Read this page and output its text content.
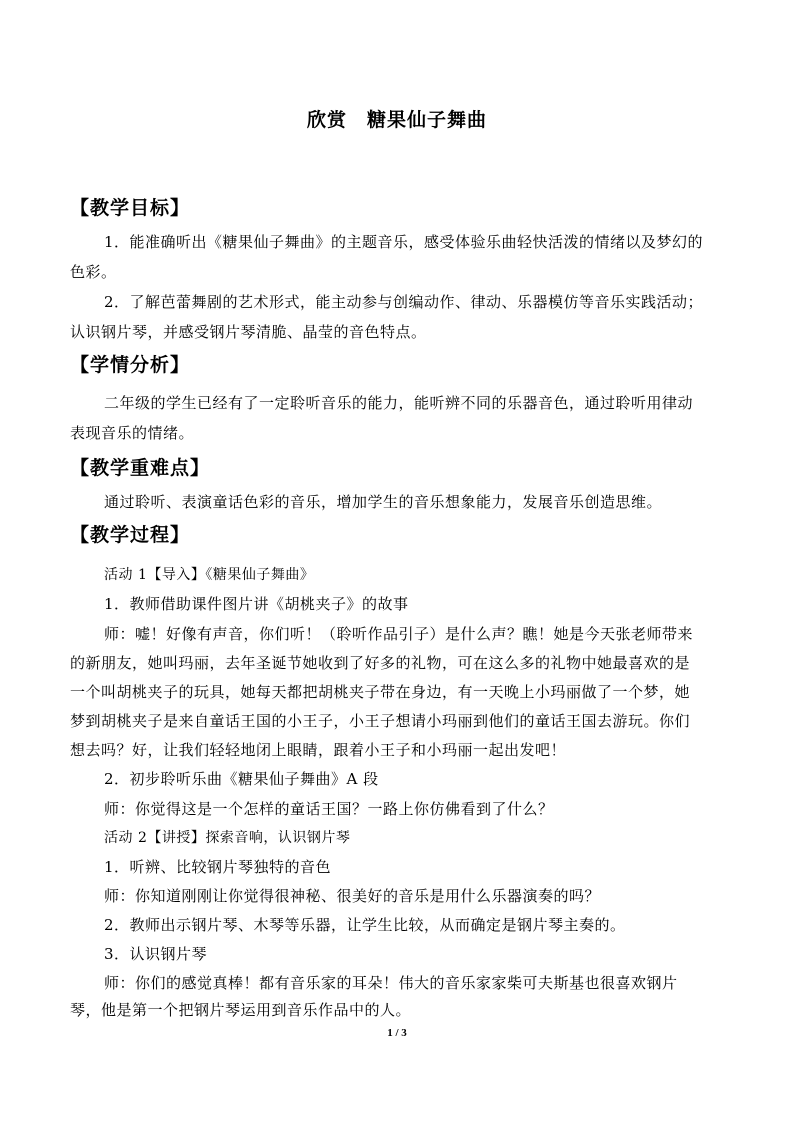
欣赏　糖果仙子舞曲
【教学目标】
1．能准确听出《糖果仙子舞曲》的主题音乐，感受体验乐曲轻快活泼的情绪以及梦幻的
色彩。
2．了解芭蕾舞剧的艺术形式，能主动参与创编动作、律动、乐器模仿等音乐实践活动；
认识钢片琴，并感受钢片琴清脆、晶莹的音色特点。
【学情分析】
二年级的学生已经有了一定聆听音乐的能力，能听辨不同的乐器音色，通过聆听用律动
表现音乐的情绪。
【教学重难点】
通过聆听、表演童话色彩的音乐，增加学生的音乐想象能力，发展音乐创造思维。
【教学过程】
活动 1【导入】《糖果仙子舞曲》
1．教师借助课件图片讲《胡桃夹子》的故事
师：嘘！好像有声音，你们听！（聆听作品引子）是什么声？瞧！她是今天张老师带来
的新朋友，她叫玛丽，去年圣诞节她收到了好多的礼物，可在这么多的礼物中她最喜欢的是
一个叫胡桃夹子的玩具，她每天都把胡桃夹子带在身边，有一天晚上小玛丽做了一个梦，她
梦到胡桃夹子是来自童话王国的小王子，小王子想请小玛丽到他们的童话王国去游玩。你们
想去吗？好，让我们轻轻地闭上眼睛，跟着小王子和小玛丽一起出发吧！
2．初步聆听乐曲《糖果仙子舞曲》A 段
师：你觉得这是一个怎样的童话王国？一路上你仿佛看到了什么？
活动 2【讲授】探索音响，认识钢片琴
1．听辨、比较钢片琴独特的音色
师：你知道刚刚让你觉得很神秘、很美好的音乐是用什么乐器演奏的吗？
2．教师出示钢片琴、木琴等乐器，让学生比较，从而确定是钢片琴主奏的。
3．认识钢片琴
师：你们的感觉真棒！都有音乐家的耳朵！伟大的音乐家家柴可夫斯基也很喜欢钢片
琴，他是第一个把钢片琴运用到音乐作品中的人。
1 / 3
